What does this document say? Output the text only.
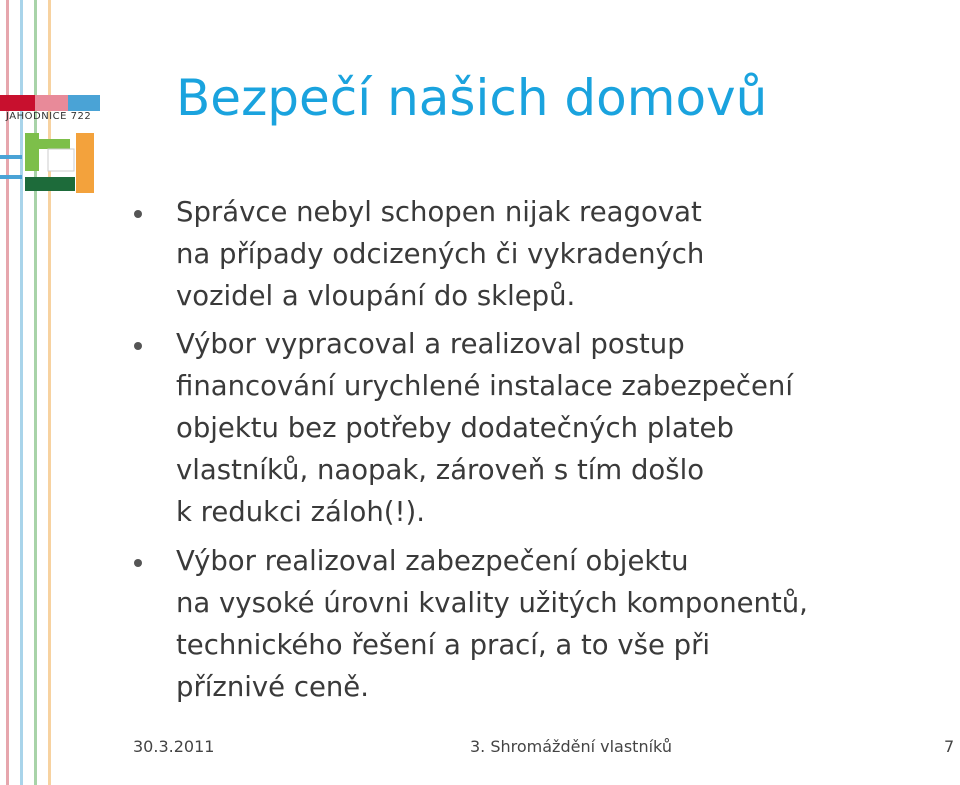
JAHODNICE 722 Bezpečí našich domovů
Správce nebyl schopen nijak reagovat
na případy odcizených či vykradených
vozidel a vloupání do sklepů.
Výbor vypracoval a realizoval postup
financování urychlené instalace zabezpečení
objektu bez potřeby dodatečných plateb
vlastníků, naopak, zároveň s tím došlo
k redukci záloh(!).
Výbor realizoval zabezpečení objektu
na vysoké úrovni kvality užitých komponentů,
technického řešení a prací, a to vše při
příznivé ceně.
30.3.2011	3. Shromáždění vlastníků	7
